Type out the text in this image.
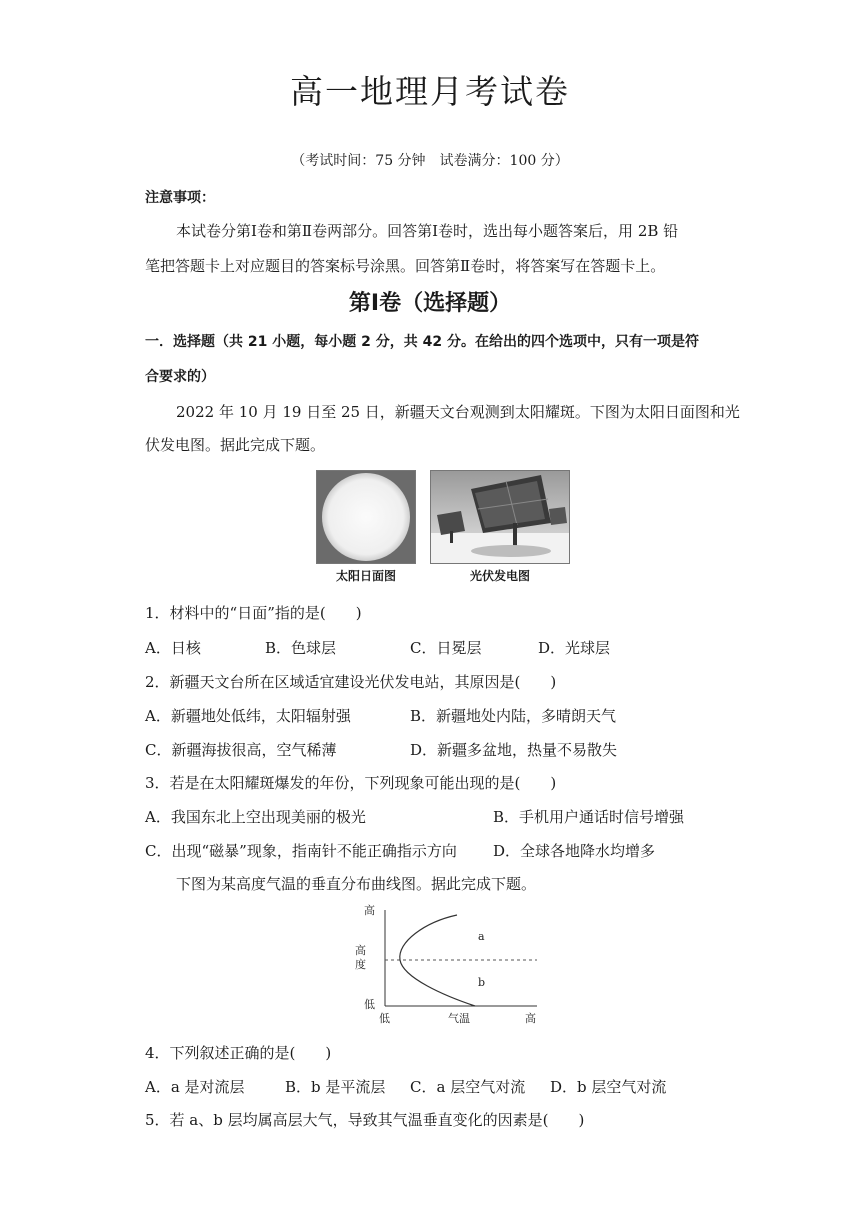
高一地理月考试卷
（考试时间：75 分钟　试卷满分：100 分）
注意事项：
本试卷分第Ⅰ卷和第Ⅱ卷两部分。回答第Ⅰ卷时，选出每小题答案后，用 2B 铅
笔把答题卡上对应题目的答案标号涂黑。回答第Ⅱ卷时，将答案写在答题卡上。
第Ⅰ卷（选择题）
一．选择题（共 21 小题，每小题 2 分，共 42 分。在给出的四个选项中，只有一项是符
合要求的）
2022 年 10 月 19 日至 25 日，新疆天文台观测到太阳耀斑。下图为太阳日面图和光
伏发电图。据此完成下题。
太阳日面图	光伏发电图
1．材料中的“日面”指的是(　　)
A．日核	B．色球层	C．日冕层	D．光球层
2．新疆天文台所在区域适宜建设光伏发电站，其原因是(　　)
A．新疆地处低纬，太阳辐射强	B．新疆地处内陆，多晴朗天气
C．新疆海拔很高，空气稀薄	D．新疆多盆地，热量不易散失
3．若是在太阳耀斑爆发的年份，下列现象可能出现的是(　　)
A．我国东北上空出现美丽的极光	B．手机用户通话时信号增强
C．出现“磁暴”现象，指南针不能正确指示方向 D．全球各地降水均增多
下图为某高度气温的垂直分布曲线图。据此完成下题。
高
高
度
低
低	气温	高
a
b
4．下列叙述正确的是(　　)
A．a 是对流层	B．b 是平流层 C．a 层空气对流 D．b 层空气对流
5．若 a、b 层均属高层大气，导致其气温垂直变化的因素是(　　)
